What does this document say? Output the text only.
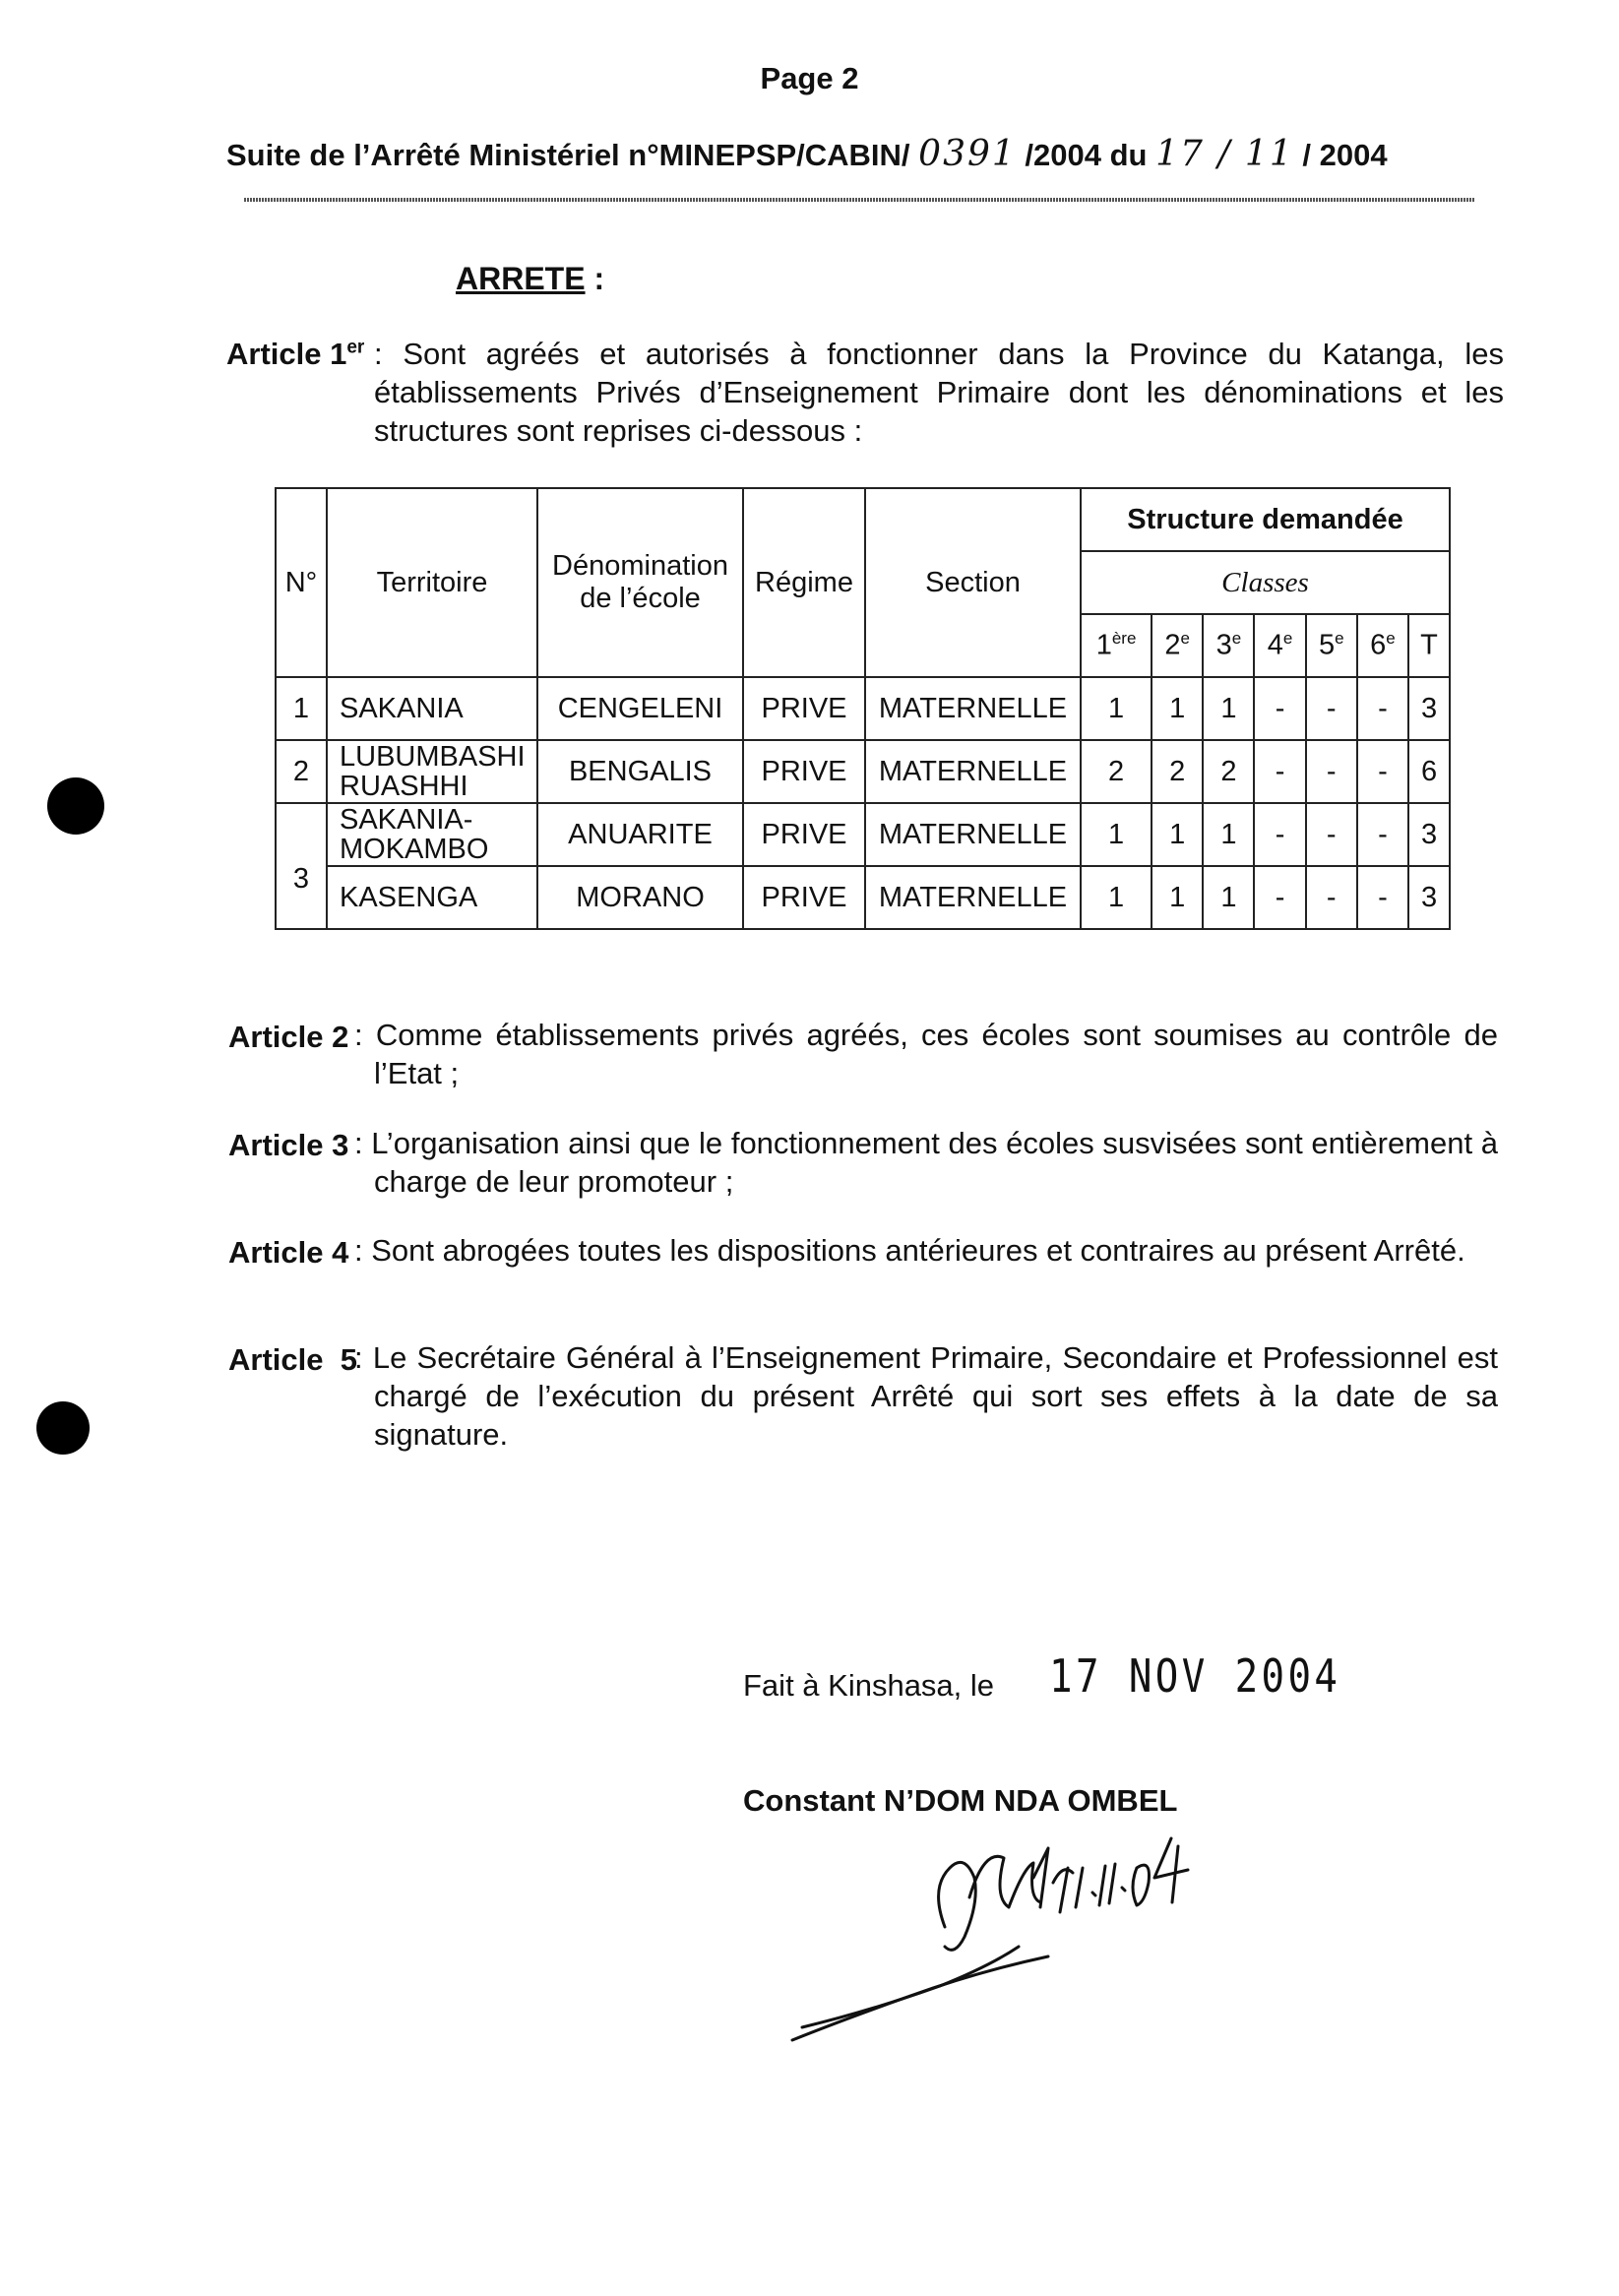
Page 2
Suite de l’Arrêté Ministériel n°MINEPSP/CABIN/ 0391 /2004 du 17 / 11 / 2004
ARRETE :
Article 1er : Sont agréés et autorisés à fonctionner dans la Province du Katanga, les établissements Privés d’Enseignement Primaire dont les dénominations et les structures sont reprises ci-dessous :
N°	Territoire	Dénomination de l’école	Régime	Section	Structure demandée						
					Classes						
					1ère	2e	3e	4e	5e	6e	T
1	SAKANIA	CENGELENI	PRIVE	MATERNELLE	1	1	1	-	-	-	3
2	LUBUMBASHI RUASHHI	BENGALIS	PRIVE	MATERNELLE	2	2	2	-	-	-	6
3	SAKANIA-MOKAMBO	ANUARITE	PRIVE	MATERNELLE	1	1	1	-	-	-	3
	KASENGA	MORANO	PRIVE	MATERNELLE	1	1	1	-	-	-	3
Article 2 : Comme établissements privés agréés, ces écoles sont soumises au contrôle de l’Etat ;
Article 3 : L’organisation ainsi que le fonctionnement des écoles susvisées sont entièrement à charge de leur promoteur ;
Article 4 : Sont abrogées toutes les dispositions antérieures et contraires au présent Arrêté.
Article  5
: Le Secrétaire Général à l’Enseignement Primaire, Secondaire et Professionnel est chargé de l’exécution du présent Arrêté qui sort ses effets à la date de sa signature.
Fait à Kinshasa, le 17 NOV 2004
Constant N’DOM NDA OMBEL
